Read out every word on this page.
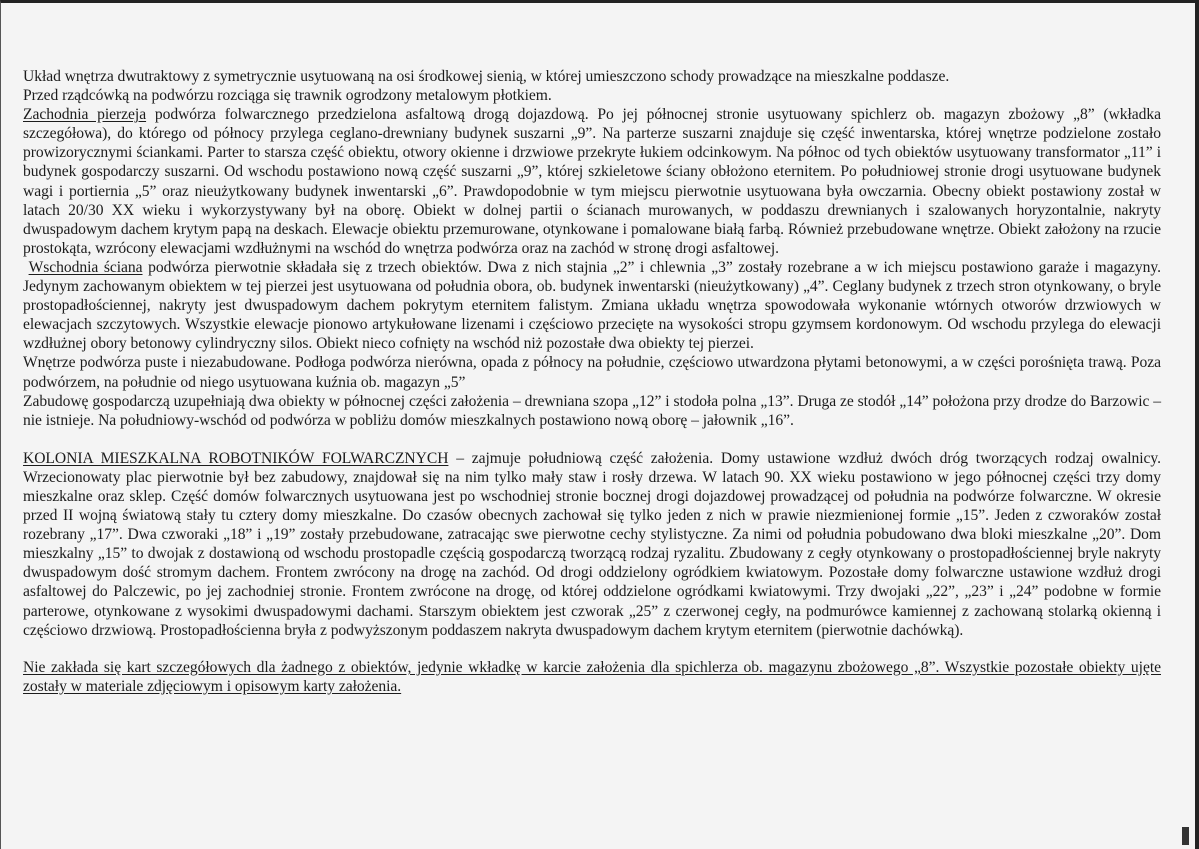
Układ wnętrza dwutraktowy z symetrycznie usytuowaną na osi środkowej sienią, w której umieszczono schody prowadzące na mieszkalne poddasze.

Przed rządcówką na podwórzu rozciąga się trawnik ogrodzony metalowym płotkiem.

Zachodnia pierzeja podwórza folwarcznego przedzielona asfaltową drogą dojazdową. Po jej północnej stronie usytuowany spichlerz ob. magazyn zbożowy „8” (wkładka szczegółowa), do którego od północy przylega ceglano-drewniany budynek suszarni „9”. Na parterze suszarni znajduje się część inwentarska, której wnętrze podzielone zostało prowizorycznymi ściankami. Parter to starsza część obiektu, otwory okienne i drzwiowe przekryte łukiem odcinkowym. Na północ od tych obiektów usytuowany transformator „11” i budynek gospodarczy suszarni. Od wschodu postawiono nową część suszarni „9”, której szkieletowe ściany obłożono eternitem. Po południowej stronie drogi usytuowane budynek wagi i portiernia „5” oraz nieużytkowany budynek inwentarski „6”. Prawdopodobnie w tym miejscu pierwotnie usytuowana była owczarnia. Obecny obiekt postawiony został w latach 20/30 XX wieku i wykorzystywany był na oborę. Obiekt w dolnej partii o ścianach murowanych, w poddaszu drewnianych i szalowanych horyzontalnie, nakryty dwuspadowym dachem krytym papą na deskach. Elewacje obiektu przemurowane, otynkowane i pomalowane białą farbą. Również przebudowane wnętrze. Obiekt założony na rzucie prostokąta, wzrócony elewacjami wzdłużnymi na wschód do wnętrza podwórza oraz na zachód w stronę drogi asfaltowej.

Wschodnia ściana podwórza pierwotnie składała się z trzech obiektów. Dwa z nich stajnia „2” i chlewnia „3” zostały rozebrane a w ich miejscu postawiono garaże i magazyny. Jedynym zachowanym obiektem w tej pierzei jest usytuowana od południa obora, ob. budynek inwentarski (nieużytkowany) „4”. Ceglany budynek z trzech stron otynkowany, o bryle prostopadłościennej, nakryty jest dwuspadowym dachem pokrytym eternitem falistym. Zmiana układu wnętrza spowodowała wykonanie wtórnych otworów drzwiowych w elewacjach szczytowych. Wszystkie elewacje pionowo artykułowane lizenami i częściowo przecięte na wysokości stropu gzymsem kordonowym. Od wschodu przylega do elewacji wzdłużnej obory betonowy cylindryczny silos. Obiekt nieco cofnięty na wschód niż pozostałe dwa obiekty tej pierzei.

Wnętrze podwórza puste i niezabudowane. Podłoga podwórza nierówna, opada z północy na południe, częściowo utwardzona płytami betonowymi, a w części porośnięta trawą. Poza podwórzem, na południe od niego usytuowana kuźnia ob. magazyn „5”

Zabudowę gospodarczą uzupełniają dwa obiekty w północnej części założenia – drewniana szopa „12” i stodoła polna „13”. Druga ze stodół „14” położona przy drodze do Barzowic – nie istnieje. Na południowy-wschód od podwórza w pobliżu domów mieszkalnych postawiono nową oborę – jałownik „16”.

KOLONIA MIESZKALNA ROBOTNIKÓW FOLWARCZNYCH – zajmuje południową część założenia. Domy ustawione wzdłuż dwóch dróg tworzących rodzaj owalnicy. Wrzecionowaty plac pierwotnie był bez zabudowy, znajdował się na nim tylko mały staw i rosły drzewa. W latach 90. XX wieku postawiono w jego północnej części trzy domy mieszkalne oraz sklep. Część domów folwarcznych usytuowana jest po wschodniej stronie bocznej drogi dojazdowej prowadzącej od południa na podwórze folwarczne. W okresie przed II wojną światową stały tu cztery domy mieszkalne. Do czasów obecnych zachował się tylko jeden z nich w prawie niezmienionej formie „15”. Jeden z czworaków został rozebrany „17”. Dwa czworaki „18” i „19” zostały przebudowane, zatracając swe pierwotne cechy stylistyczne. Za nimi od południa pobudowano dwa bloki mieszkalne „20”. Dom mieszkalny „15” to dwojak z dostawioną od wschodu prostopadle częścią gospodarczą tworzącą rodzaj ryzalitu. Zbudowany z cegły otynkowany o prostopadłościennej bryle nakryty dwuspadowym dość stromym dachem. Frontem zwrócony na drogę na zachód. Od drogi oddzielony ogródkiem kwiatowym. Pozostałe domy folwarczne ustawione wzdłuż drogi asfaltowej do Palczewic, po jej zachodniej stronie. Frontem zwrócone na drogę, od której oddzielone ogródkami kwiatowymi. Trzy dwojaki „22”, „23” i „24” podobne w formie parterowe, otynkowane z wysokimi dwuspadowymi dachami. Starszym obiektem jest czworak „25” z czerwonej cegły, na podmurówce kamiennej z zachowaną stolarką okienną i częściowo drzwiową. Prostopadłościenna bryła z podwyższonym poddaszem nakryta dwuspadowym dachem krytym eternitem (pierwotnie dachówką).

Nie zakłada się kart szczegółowych dla żadnego z obiektów, jedynie wkładkę w karcie założenia dla spichlerza ob. magazynu zbożowego „8”. Wszystkie pozostałe obiekty ujęte zostały w materiale zdjęciowym i opisowym karty założenia.
